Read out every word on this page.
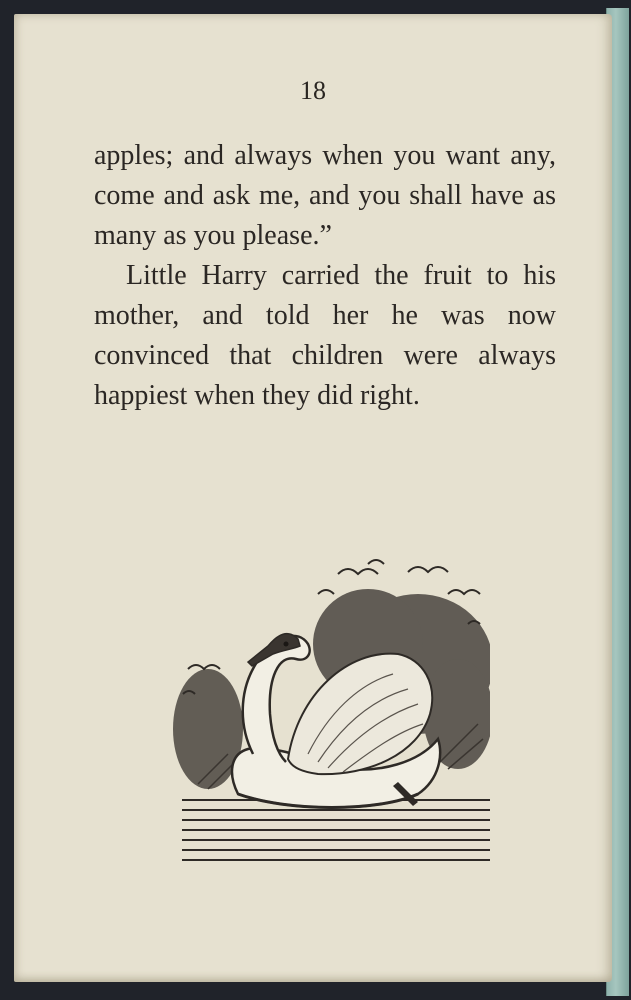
18

apples; and always when you want any, come and ask me, and you shall have as many as you please.”

Little Harry carried the fruit to his mother, and told her he was now convinced that children were always happiest when they did right.
